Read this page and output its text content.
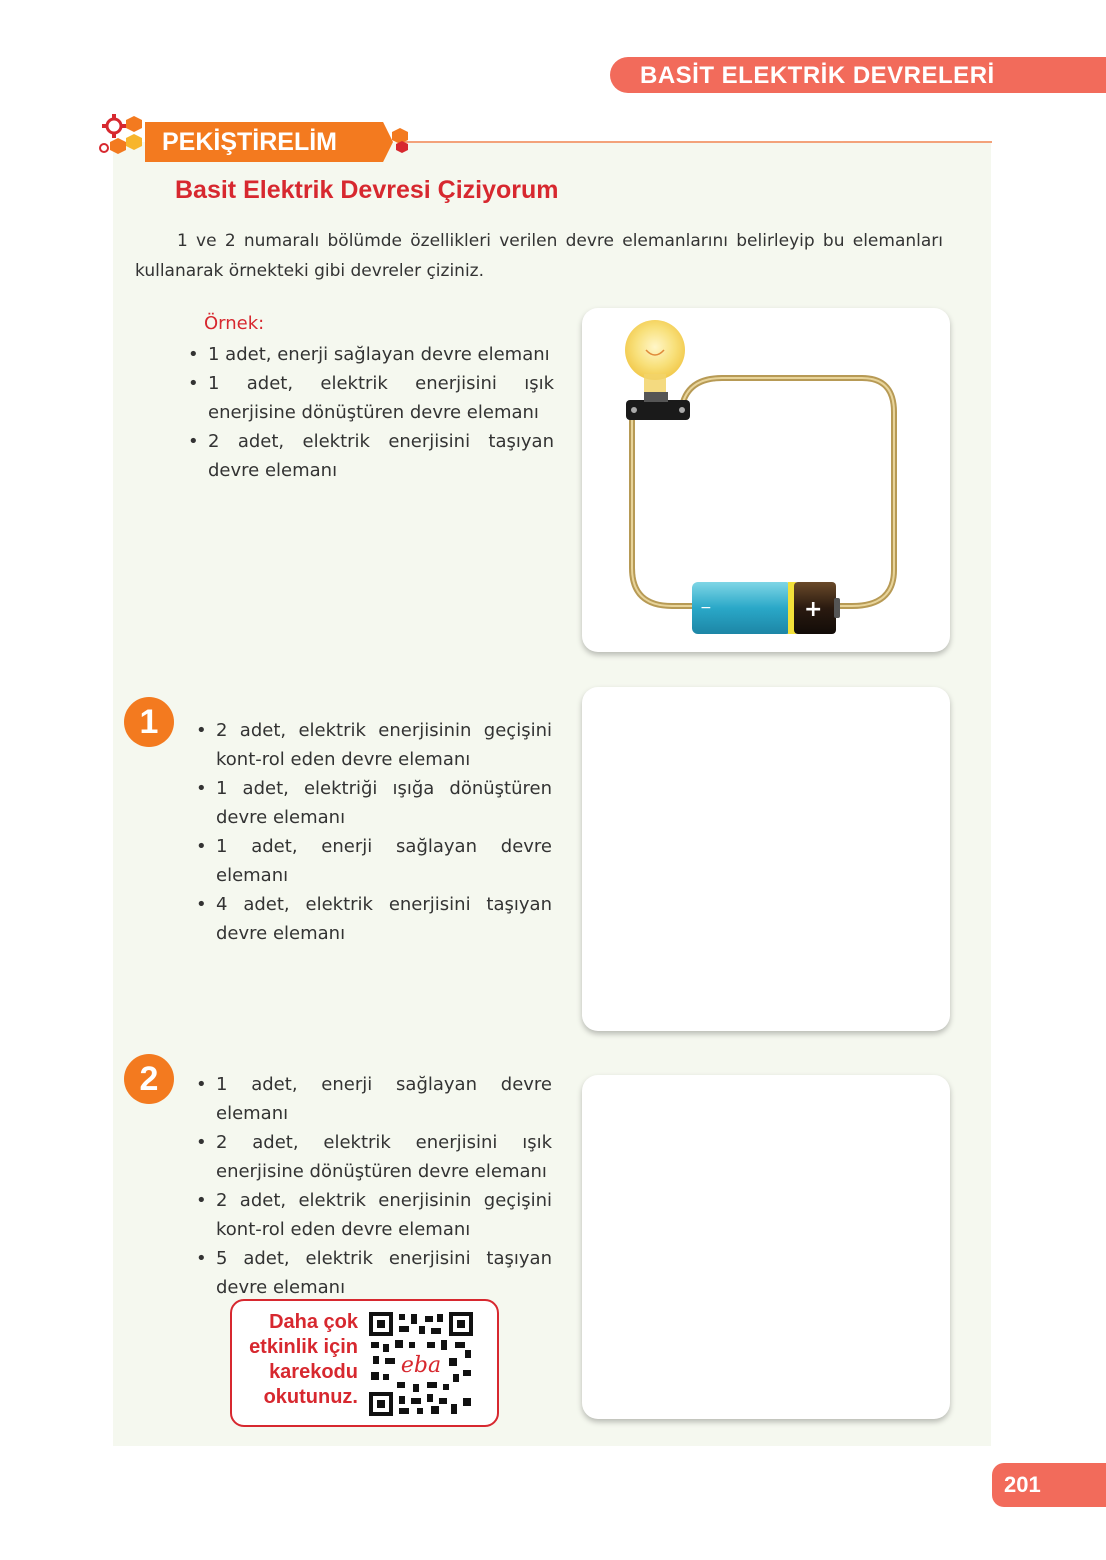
BASİT ELEKTRİK DEVRELERİ
PEKİŞTİRELİM
Basit Elektrik Devresi Çiziyorum
1 ve 2 numaralı bölümde özellikleri verilen devre elemanlarını belirleyip bu elemanları kullanarak örnekteki gibi devreler çiziniz.
Örnek:
• 1 adet, enerji sağlayan devre elemanı
• 1 adet, elektrik enerjisini ışık enerjisine dönüştüren devre elemanı
• 2 adet, elektrik enerjisini taşıyan devre elemanı
−	+
1	• 2 adet, elektrik enerjisinin geçişini kont-rol eden devre elemanı
• 1 adet, elektriği ışığa dönüştüren devre elemanı
• 1 adet, enerji sağlayan devre elemanı
• 4 adet, elektrik enerjisini taşıyan devre elemanı
2	• 1 adet, enerji sağlayan devre elemanı
• 2 adet, elektrik enerjisini ışık enerjisine dönüştüren devre elemanı
• 2 adet, elektrik enerjisinin geçişini kont-rol eden devre elemanı
• 5 adet, elektrik enerjisini taşıyan devre elemanı
Daha çok
etkinlik için
karekodu
okutunuz.
eba
201
